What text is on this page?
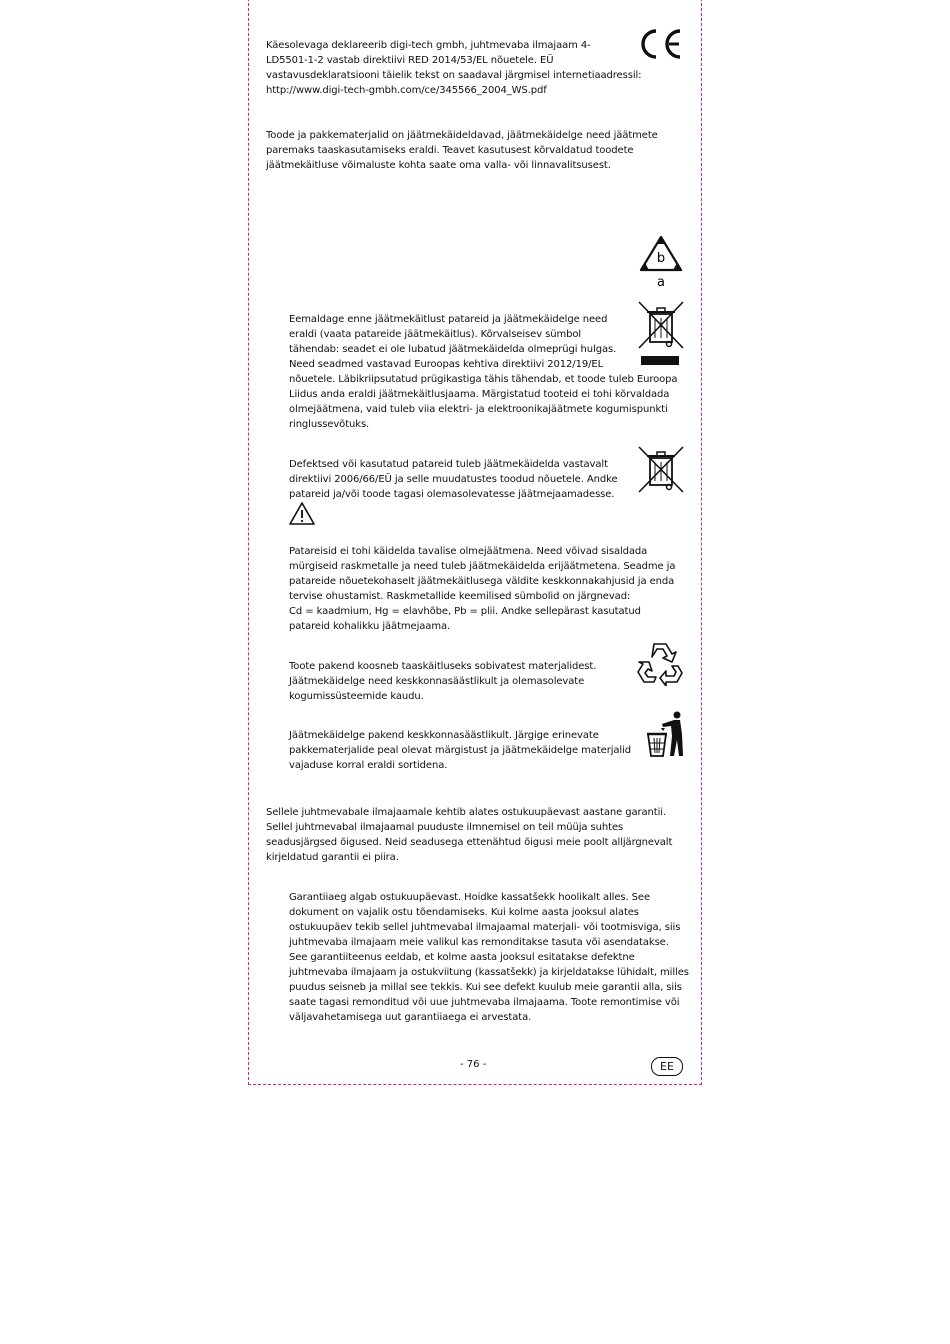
Käesolevaga deklareerib digi-tech gmbh, juhtmevaba ilmajaam 4-
LD5501-1-2 vastab direktiivi RED 2014/53/EL nõuetele. EÜ
vastavusdeklaratsiooni täielik tekst on saadaval järgmisel internetiaadressil:
http://www.digi-tech-gmbh.com/ce/345566_2004_WS.pdf

Toode ja pakkematerjalid on jäätmekäideldavad, jäätmekäidelge need jäätmete
paremaks taaskasutamiseks eraldi. Teavet kasutusest kõrvaldatud toodete
jäätmekäitluse võimaluste kohta saate oma valla- või linnavalitsusest.

b
a

Eemaldage enne jäätmekäitlust patareid ja jäätmekäidelge need
eraldi (vaata patareide jäätmekäitlus). Kõrvalseisev sümbol
tähendab: seadet ei ole lubatud jäätmekäidelda olmeprügi hulgas.
Need seadmed vastavad Euroopas kehtiva direktiivi 2012/19/EL
nõuetele. Läbikriipsutatud prügikastiga tähis tähendab, et toode tuleb Euroopa
Liidus anda eraldi jäätmekäitlusjaama. Märgistatud tooteid ei tohi kõrvaldada
olmejäätmena, vaid tuleb viia elektri- ja elektroonikajäätmete kogumispunkti
ringlussevõtuks.

Defektsed või kasutatud patareid tuleb jäätmekäidelda vastavalt
direktiivi 2006/66/EÜ ja selle muudatustes toodud nõuetele. Andke
patareid ja/või toode tagasi olemasolevatesse jäätmejaamadesse.

Patareisid ei tohi käidelda tavalise olmejäätmena. Need võivad sisaldada
mürgiseid raskmetalle ja need tuleb jäätmekäidelda erijäätmetena. Seadme ja
patareide nõuetekohaselt jäätmekäitlusega väldite keskkonnakahjusid ja enda
tervise ohustamist. Raskmetallide keemilised sümbolid on järgnevad:
Cd = kaadmium, Hg = elavhõbe, Pb = plii. Andke sellepärast kasutatud
patareid kohalikku jäätmejaama.

Toote pakend koosneb taaskäitluseks sobivatest materjalidest.
Jäätmekäidelge need keskkonnasäästlikult ja olemasolevate
kogumissüsteemide kaudu.

Jäätmekäidelge pakend keskkonnasäästlikult. Järgige erinevate
pakkematerjalide peal olevat märgistust ja jäätmekäidelge materjalid
vajaduse korral eraldi sortidena.

Sellele juhtmevabale ilmajaamale kehtib alates ostukuupäevast aastane garantii.
Sellel juhtmevabal ilmajaamal puuduste ilmnemisel on teil müüja suhtes
seadusjärgsed õigused. Neid seadusega ettenähtud õigusi meie poolt alljärgnevalt
kirjeldatud garantii ei piira.

Garantiiaeg algab ostukuupäevast. Hoidke kassatšekk hoolikalt alles. See
dokument on vajalik ostu tõendamiseks. Kui kolme aasta jooksul alates
ostukuupäev tekib sellel juhtmevabal ilmajaamal materjali- või tootmisviga, siis
juhtmevaba ilmajaam meie valikul kas remonditakse tasuta või asendatakse.
See garantiiteenus eeldab, et kolme aasta jooksul esitatakse defektne
juhtmevaba ilmajaam ja ostukviitung (kassatšekk) ja kirjeldatakse lühidalt, milles
puudus seisneb ja millal see tekkis. Kui see defekt kuulub meie garantii alla, siis
saate tagasi remonditud või uue juhtmevaba ilmajaama. Toote remontimise või
väljavahetamisega uut garantiiaega ei arvestata.

- 76 -	EE
